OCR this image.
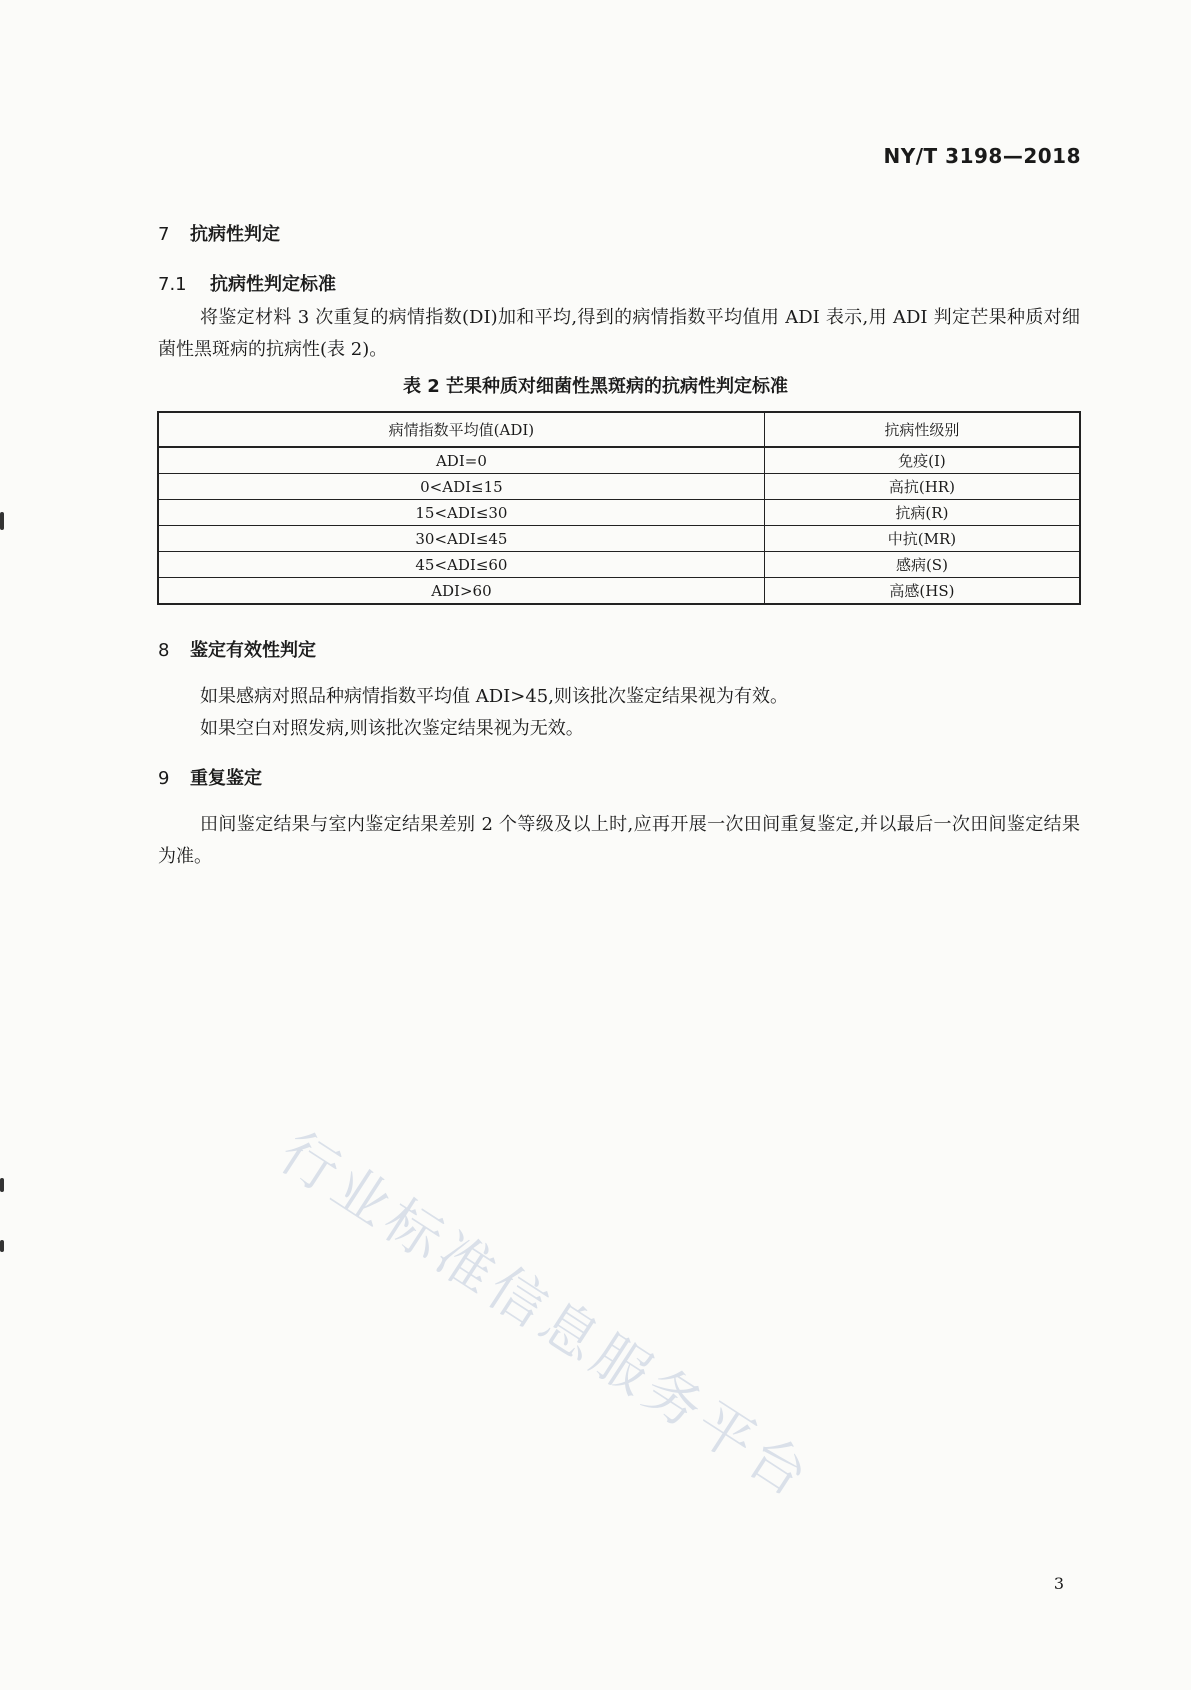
NY/T 3198—2018
7 抗病性判定
7.1 抗病性判定标准
将鉴定材料 3 次重复的病情指数(DI)加和平均,得到的病情指数平均值用 ADI 表示,用 ADI 判定芒果种质对细菌性黑斑病的抗病性(表 2)。
表 2 芒果种质对细菌性黑斑病的抗病性判定标准
病情指数平均值(ADI)	抗病性级别
ADI=0	免疫(I)
0<ADI≤15	高抗(HR)
15<ADI≤30	抗病(R)
30<ADI≤45	中抗(MR)
45<ADI≤60	感病(S)
ADI>60	高感(HS)
8 鉴定有效性判定
如果感病对照品种病情指数平均值 ADI>45,则该批次鉴定结果视为有效。
如果空白对照发病,则该批次鉴定结果视为无效。
9 重复鉴定
田间鉴定结果与室内鉴定结果差别 2 个等级及以上时,应再开展一次田间重复鉴定,并以最后一次田间鉴定结果为准。
行业标准信息服务平台
3
